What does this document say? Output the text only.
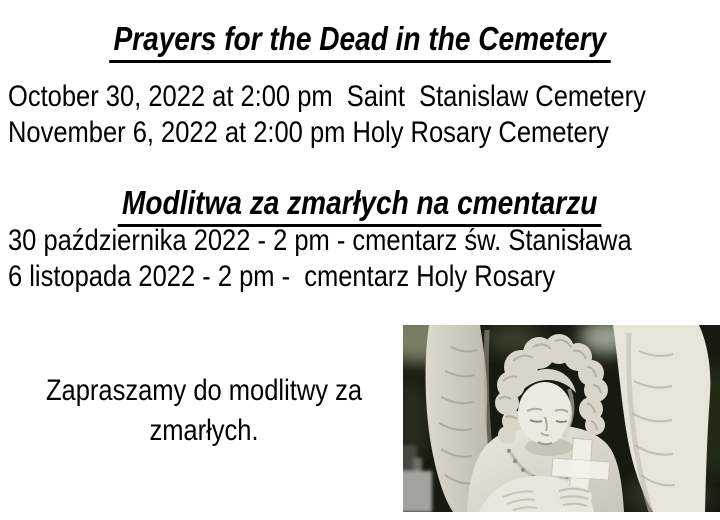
Prayers for the Dead in the Cemetery
October 30, 2022 at 2:00 pm  Saint  Stanislaw Cemetery
November 6, 2022 at 2:00 pm Holy Rosary Cemetery
Modlitwa za zmarłych na cmentarzu
30 października 2022 - 2 pm - cmentarz św. Stanisława
6 listopada 2022 - 2 pm -  cmentarz Holy Rosary
Zapraszamy do modlitwy za zmarłych.
